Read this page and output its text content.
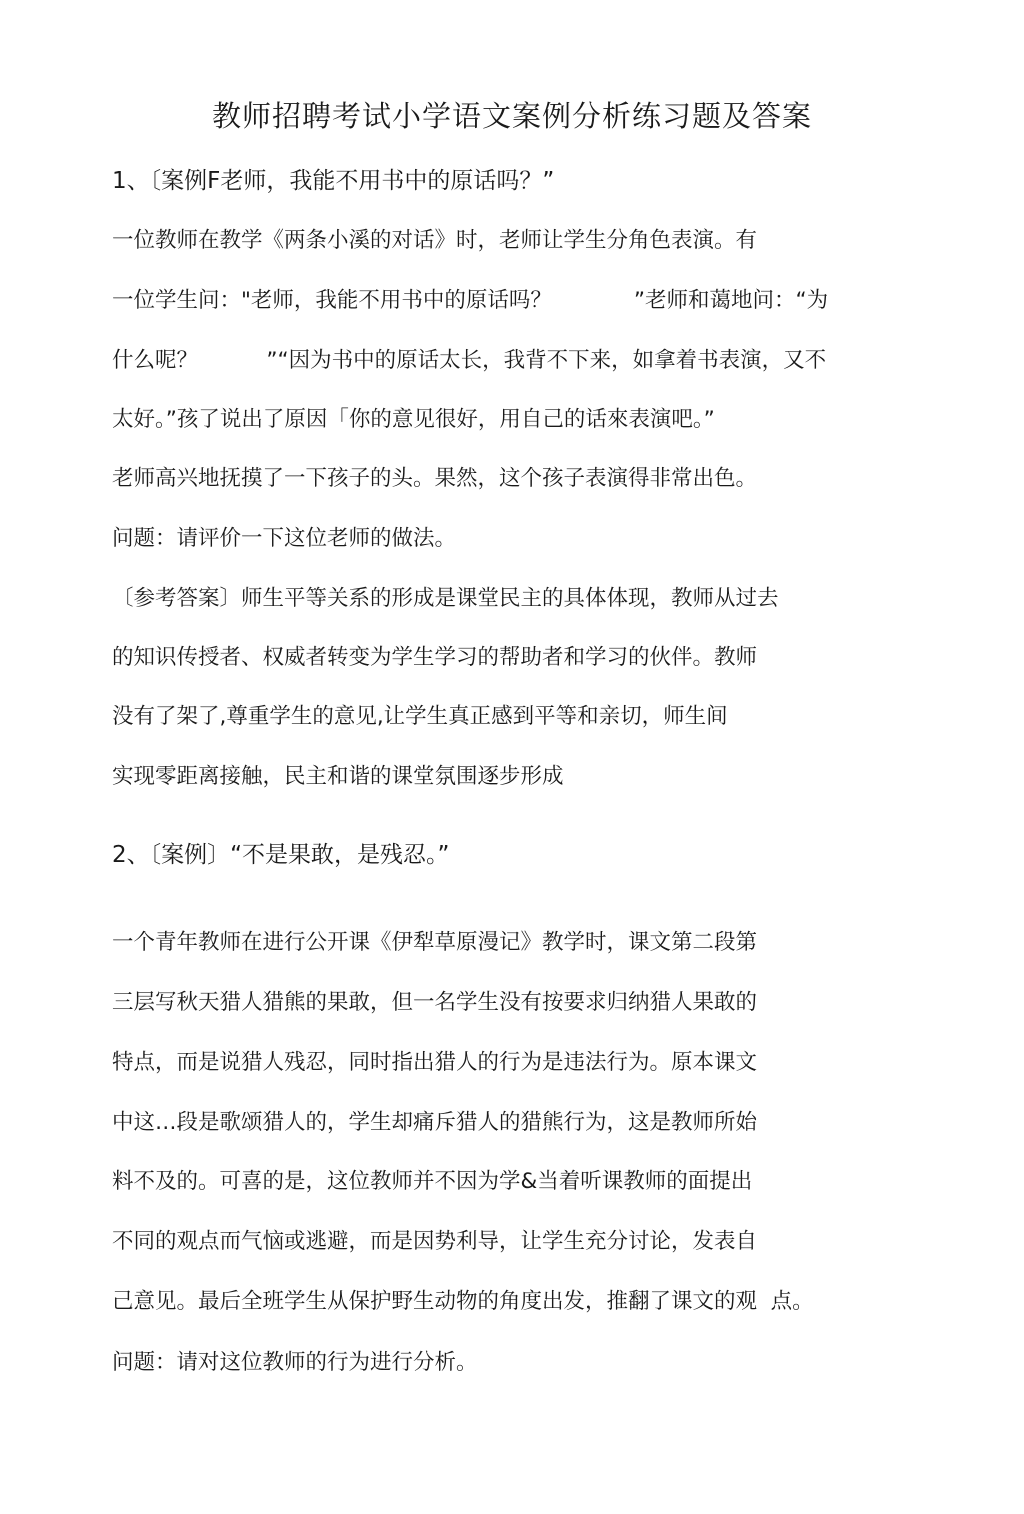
教师招聘考试小学语文案例分析练习题及答案
1、〔案例F老师，我能不用书中的原话吗？”
一位教师在教学《两条小溪的对话》时，老师让学生分角色表演。有
一位学生问："老师，我能不用书中的原话吗？            ”老师和蔼地问：“为
什么呢？          ”“因为书中的原话太长，我背不下来，如拿着书表演，又不
太好。”孩了说出了原因「你的意见很好，用自己的话來表演吧。”
老师高兴地抚摸了一下孩子的头。果然，这个孩子表演得非常出色。
问题：请评价一下这位老师的做法。
〔参考答案〕师生平等关系的形成是课堂民主的具体体现，教师从过去
的知识传授者、权威者转变为学生学习的帮助者和学习的伙伴。教师
没有了架了,尊重学生的意见,让学生真正感到平等和亲切，师生间
实现零距离接触，民主和谐的课堂氛围逐步形成
2、〔案例〕“不是果敢，是残忍。”
一个青年教师在进行公开课《伊犁草原漫记》教学时，课文第二段第
三层写秋天猎人猎熊的果敢，但一名学生没有按要求归纳猎人果敢的
特点，而是说猎人残忍，同时指出猎人的行为是违法行为。原本课文
中这…段是歌颂猎人的，学生却痛斥猎人的猎熊行为，这是教师所始
料不及的。可喜的是，这位教师并不因为学&当着听课教师的面提出
不同的观点而气恼或逃避，而是因势利导，让学生充分讨论，发表自
己意见。最后全班学生从保护野生动物的角度出发，推翻了课文的观  点。
问题：请对这位教师的行为进行分析。
